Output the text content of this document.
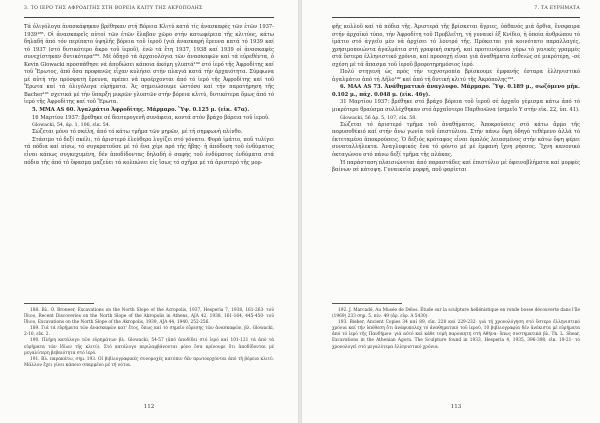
3. ΤΟ ΙΕΡΟ ΤΗΣ ΑΦΡΟΔΙΤΗΣ ΣΤΗ ΒΟΡΕΙΑ ΚΛΙΤΥ ΤΗΣ ΑΚΡΟΠΟΛΗΣ

Τά ὀλιγόλογα ἀνασκάφηκαν βρέθηκαν στή Βόρεια Κλιτύ κατά τίς ἀνασκαφές τῶν ἐτῶν 1937-1939¹⁸⁸. Οἱ ἀνασκαφεῖς αὐτοί τῶν ἐτῶν ἔλαβαν χῶρο στήν κατωφέρεια τῆς κλιτύος, κάτω δηλαδή ἀπό τόν περίπατο ὑψηλῆς βόρεια τοῦ ἱεροῦ (γιά ἀνασκαφή ἔρευνα κατά τό 1939 καί τό 1937 (στό δυτικότερο ἄκρο τοῦ ἱεροῦ), ἐνῶ τά ἔτη 1937, 1938 καί 1939 οἱ ἀνασκαφές συνεχίστηκαν δυτικότερα¹⁸⁹. Μέ ὁδηγό τά ἀρχαιολόγια τῶν ἀνασκαφῶν καί τά εὑρεθέντα, ὁ Kevin Glowacki προσπάθησε νά ἀποδώσει κάποια ἀκόμη γλυπτά¹⁹⁰ στό ἱερό τῆς Ἀφροδίτης καί τοῦ Ἔρωτος, ἀπό ὅσα προφανῶς εἶχαν κυλήσει στήν πλαγιά κατά τήν ἀρχαιότητα. Σύμφωνα μέ αὐτή τήν πρόσφατη ἔρευνα, πρέπει νά προέρχονται ἀπό τό ἱερό τῆς Ἀφροδίτης καί τοῦ Ἔρωτα καί τά ὀλιγόλογα εὑρήματα. Ἀς σημειώσουμε ὡστόσο καί τήν παρατήρηση τῆς Bacher¹⁹¹ σχετικά μέ τήν ὕπαρξη μικρῶν γλυπτῶν στήν βόρεια κλιτύ, δυτικότερα ὅμως ἀπό τό ἱερό τῆς Ἀφροδίτης καί τοῦ Ἔρωτα.

5. ΜΜΑ ΑS 60. Ἀγαλμάτιο Ἀφροδίτης. Μάρμαρο. Ὕψ. 0.125 μ. (εἰκ. 47α).

16 Μαρτίου 1937: βρέθηκε σέ δευτερογενῆ συνάφεια, κοντά στόν βράχο βόρεια τοῦ ἱεροῦ.

Glowacki, 54, ἀρ. 1, 106, εἰκ. 54.

Σώζεται μόνο τό σκέλη, ἀπό τό κάτω τμῆμα τῶν μηρῶν, μέ τή σημφωνή πλίνθο.

Στάσιμο τό δεξί σκέλι, τό ἀριστερό ἐλεύθερο λυγίζει στό γόνατο. Φορά ἱμάτιο, ποῦ τυλίγει τά πόδια καί πίσω, τό συγκρατοῦσε μέ τό ἕνα χέρι πρό τῆς ἥβης· ἡ ἀπόδοση τοῦ ἐνδύματος εἶναι κάπως συγκεχυμένη, δέν ἀποδίδοντας δηλαδή ὁ σαφής τοῦ ἐνδύματος ἐνδύματα στά πόδια τῆς ἀπό τό ὕφασμα μαζεύει τά κολπώνει εἰς ἴσως τό σχῆμα μέ τά ἀριστερό τῆς μορ-

188. Βλ. O. Broneer, Excavations on the North Slope of the Acropolis, 1937, Hesperia 7, 1938, 161-263· τοῦ ἴδιου, Recent Discoveries on the North Slope of the Akropolis in Athens, AJA 42, 1938, 161-164, 445-450· τοῦ ἴδιου, Excavations on the North Slope of the Akropolis, 1939, AJA 44, 1940, 252-256.

189. Γιά τά εὑρήματα τῶν ἀνασκαφῶν κατ' ἔτος, ὅπως καί τό σημεῖο εὕρεσης τῶν ἀνασκαφῶν, βλ. Glowacki, 2-10, εἰκ. 2.

190. Πλήρη κατάλογο τῶν εὑρημάτων βλ. Glowacki, 54-57 (ἀπό ἀποδίδει στό ἱερό καί 101-121 τά ἀπό τά εὑρήματα τῶν ἰδίων τῆς κλιτύ). Στό κατάλογο περιλαμβάνονται μόνο ὅσα κρίνουμε ὅτι ἀποδίδονται μέ μεγαλύτερη βεβαιότητα στό ἱερό.

191. Βλ. παρακάτω, σημ. 193. Οἱ βιβλιογραφικές συνομοχές κατόπιν δέν πρωτοερχόνται ἀπό τή βόρεια κλιτύ. Μάλλον ἔχει γίνει κάποιο σπαρμένο μέ τή νότια.

112
7. ΤΑ ΕΥΡΗΜΑΤΑ

φῆς κολλοῦ καί τά πόδια τῆς. Ἀριστερά τῆς βρίσκεται ἄγριες, ὑάθανός μιά ὄρθια, ἔνσφαιρα στήν ἀρχαϊκό τύπο, τήν Ἀφροδίτη τοῦ Προβλεῖτη, τή γυναικί ἐξ Κνίδιο, ἡ ὁποία ἀνθρώπου τό ἱμάτιο στό ἀγγεῖο μέν νά ἀρχίσει τό λουτρό τῆς. Πρόκειται γιά κοινότατο παραλλαγές, χρησιμοποιώντα ἀγαλμάτια στή γραφική σκηνή, καί προτεινόμενο γύρω τό γενικές γραμμές στά ὕστερα ἑλληνιστικό χρόνια, καί προσοχή εἶναι γιά ἀναθήματα ἐσθειώς σέ μικρότερη, -σέ σχέση μέ τά ἄπασμα τοῦ ἱεροῦ βρεφοτηρημόσιος ἱερό.

Πολύ στηγενή ὡς πρός τήν τεχνοτροπία βρίσκουμε ἐμφανής ἐσταρα ἑλληνιστικό ἀγαλμάτιο ἀπό τή Δῆλο¹⁹² καί ἀπό τή δυτική κλιτύ τῆς Ἀκρόπολης¹⁹³.

6. ΜΑΑ AS 73. Ἀνάθηματικό ἀναγλυφο. Μάρμαρο. Ὕψ. 0.189 μ., σωζόμενο μῆκ. 0.102 μ., πάχ. 0.048 μ. (εἰκ. 46γ).

31 Μαρτίου 1937: βρέθηκε στό βράχο βόρεια τοῦ ἱεροῦ σέ ἀρχαῖο γέμισμα κάτω ἀπό τό μικρότερο θραύσμα συλλέχθηκαν στό ἀρχαῖοτερο Παρθενῶνα (σημεῖο Υ στήν εἰκ. 22, ὑπ. 41).

Glowacki, 56 ἀρ. 5, 107, εἰκ. 58.

Σώζεται τό ἀριστερό τμῆμα τοῦ ἀναθήματος. Ἀποκρούσεις στό κάτω ἄρμο τῆς πεφυσοθέκιό καί στήν ἄνω γωνία τοῦ ἐπιστύλιου. Στήν πάνω ὄψη ὁδηγό τεθέμενο ἀλλά τό ἐκτεταμένο ἀποκρούσεις. Ὁ δεξιός κρόταφος εἶναι ὁμαλός λειασμένος στήν κάτω ὄψη φέρει συναταλλήλεκτα. Ἀναγλυφικός ἔνα τό φόντο μέ μέ ἐμφανή ἴχνη ρήσσος. Ἴχνη κανονικό ὀκταγώνου στό πάνω δεξί τμῆμα τῆς πλάκας.

Ἡ παράσταση πλαισιώνεται ἀπό παραστάδες καί ἐπιστύλιο μέ ὀφεινοβλήματα καί μορφές βαίνων σέ κάτοψη. Γυναικεία μορφή, ποῦ φαρίεται

192. J. Marcadé, Au Musée de Délos. Étude sur la sculpture hellénistique en ronde bosse découverte dans l'île (1969) 233 σημ. 5, πίν. 49 (ἀρ. εὑρ. A 5430).

193. Bieber, Ancient Copies 34 καί 89, εἰκ. 228 καί 229-232· γιά τή χρονολόγηση στό ὕστερο ἑλληνιστικό χρόνια καί τήν ὑπόθεση ὅτι ἀνάφυπολεχ τό ἀναθηματικό τοῦ ἱεροῦ, 10 βιβλιογραφία δέν ἀνέκιστα μέ εὑρήματα ἀπό τό ἱερό τῆς Πανδήμου· γιά αὐτό καί κάθε τομή παροικητη στή Αθήνα· ὅπως συστηματικά βλ. Th. L. Shear, Excavations in the Athenian Agora. The Sculpture found in 1933, Hesperia 4, 1935, 396-398, εἰκ. 19-21· τό χρονολογεῖ στό μεγαλύτερα ἑλληνιστικό χρόνια.

113
